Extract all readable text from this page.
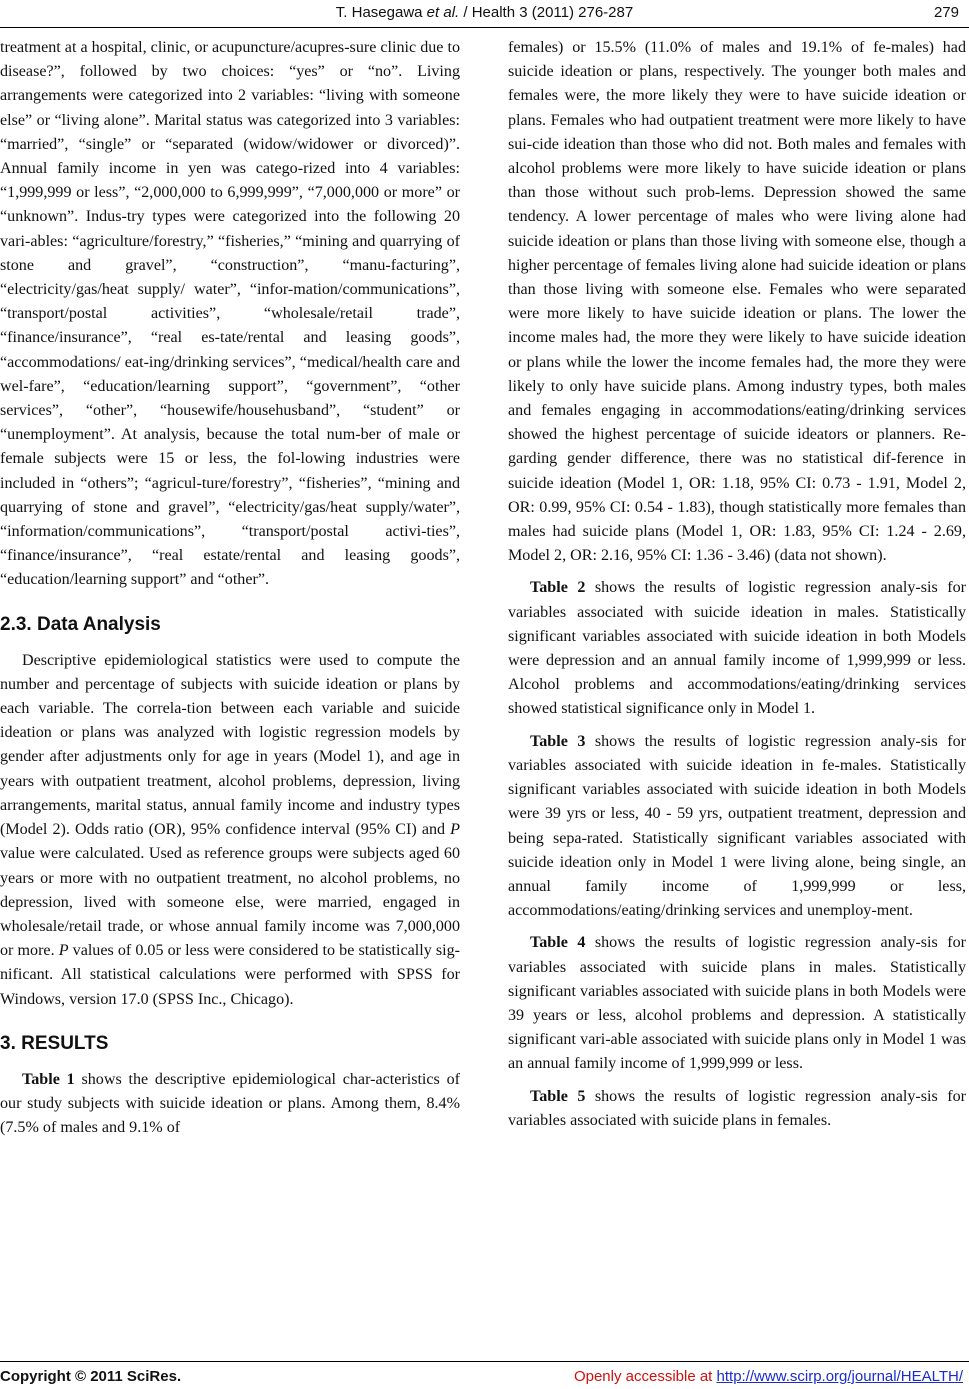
T. Hasegawa et al. / Health 3 (2011) 276-287	279

treatment at a hospital, clinic, or acupuncture/acupres-sure clinic due to disease?”, followed by two choices: “yes” or “no”. Living arrangements were categorized into 2 variables: “living with someone else” or “living alone”. Marital status was categorized into 3 variables: “married”, “single” or “separated (widow/widower or divorced)”. Annual family income in yen was catego-rized into 4 variables: “1,999,999 or less”, “2,000,000 to 6,999,999”, “7,000,000 or more” or “unknown”. Indus-try types were categorized into the following 20 vari-ables: “agriculture/forestry,” “fisheries,” “mining and quarrying of stone and gravel”, “construction”, “manu-facturing”, “electricity/gas/heat supply/ water”, “infor-mation/communications”, “transport/postal activities”, “wholesale/retail trade”, “finance/insurance”, “real es-tate/rental and leasing goods”, “accommodations/ eat-ing/drinking services”, “medical/health care and wel-fare”, “education/learning support”, “government”, “other services”, “other”, “housewife/househusband”, “student” or “unemployment”. At analysis, because the total num-ber of male or female subjects were 15 or less, the fol-lowing industries were included in “others”; “agricul-ture/forestry”, “fisheries”, “mining and quarrying of stone and gravel”, “electricity/gas/heat supply/water”, “information/communications”, “transport/postal activi-ties”, “finance/insurance”, “real estate/rental and leasing goods”, “education/learning support” and “other”.

2.3. Data Analysis

Descriptive epidemiological statistics were used to compute the number and percentage of subjects with suicide ideation or plans by each variable. The correla-tion between each variable and suicide ideation or plans was analyzed with logistic regression models by gender after adjustments only for age in years (Model 1), and age in years with outpatient treatment, alcohol problems, depression, living arrangements, marital status, annual family income and industry types (Model 2). Odds ratio (OR), 95% confidence interval (95% CI) and P value were calculated. Used as reference groups were subjects aged 60 years or more with no outpatient treatment, no alcohol problems, no depression, lived with someone else, were married, engaged in wholesale/retail trade, or whose annual family income was 7,000,000 or more. P values of 0.05 or less were considered to be statistically sig-nificant. All statistical calculations were performed with SPSS for Windows, version 17.0 (SPSS Inc., Chicago).

3. RESULTS

Table 1 shows the descriptive epidemiological char-acteristics of our study subjects with suicide ideation or plans. Among them, 8.4% (7.5% of males and 9.1% of

females) or 15.5% (11.0% of males and 19.1% of fe-males) had suicide ideation or plans, respectively. The younger both males and females were, the more likely they were to have suicide ideation or plans. Females who had outpatient treatment were more likely to have sui-cide ideation than those who did not. Both males and females with alcohol problems were more likely to have suicide ideation or plans than those without such prob-lems. Depression showed the same tendency. A lower percentage of males who were living alone had suicide ideation or plans than those living with someone else, though a higher percentage of females living alone had suicide ideation or plans than those living with someone else. Females who were separated were more likely to have suicide ideation or plans. The lower the income males had, the more they were likely to have suicide ideation or plans while the lower the income females had, the more they were likely to only have suicide plans. Among industry types, both males and females engaging in accommodations/eating/drinking services showed the highest percentage of suicide ideators or planners. Re-garding gender difference, there was no statistical dif-ference in suicide ideation (Model 1, OR: 1.18, 95% CI: 0.73 - 1.91, Model 2, OR: 0.99, 95% CI: 0.54 - 1.83), though statistically more females than males had suicide plans (Model 1, OR: 1.83, 95% CI: 1.24 - 2.69, Model 2, OR: 2.16, 95% CI: 1.36 - 3.46) (data not shown).

Table 2 shows the results of logistic regression analy-sis for variables associated with suicide ideation in males. Statistically significant variables associated with suicide ideation in both Models were depression and an annual family income of 1,999,999 or less. Alcohol problems and accommodations/eating/drinking services showed statistical significance only in Model 1.

Table 3 shows the results of logistic regression analy-sis for variables associated with suicide ideation in fe-males. Statistically significant variables associated with suicide ideation in both Models were 39 yrs or less, 40 - 59 yrs, outpatient treatment, depression and being sepa-rated. Statistically significant variables associated with suicide ideation only in Model 1 were living alone, being single, an annual family income of 1,999,999 or less, accommodations/eating/drinking services and unemploy-ment.

Table 4 shows the results of logistic regression analy-sis for variables associated with suicide plans in males. Statistically significant variables associated with suicide plans in both Models were 39 years or less, alcohol problems and depression. A statistically significant vari-able associated with suicide plans only in Model 1 was an annual family income of 1,999,999 or less.

Table 5 shows the results of logistic regression analy-sis for variables associated with suicide plans in females.

Copyright © 2011 SciRes.	Openly accessible at http://www.scirp.org/journal/HEALTH/
